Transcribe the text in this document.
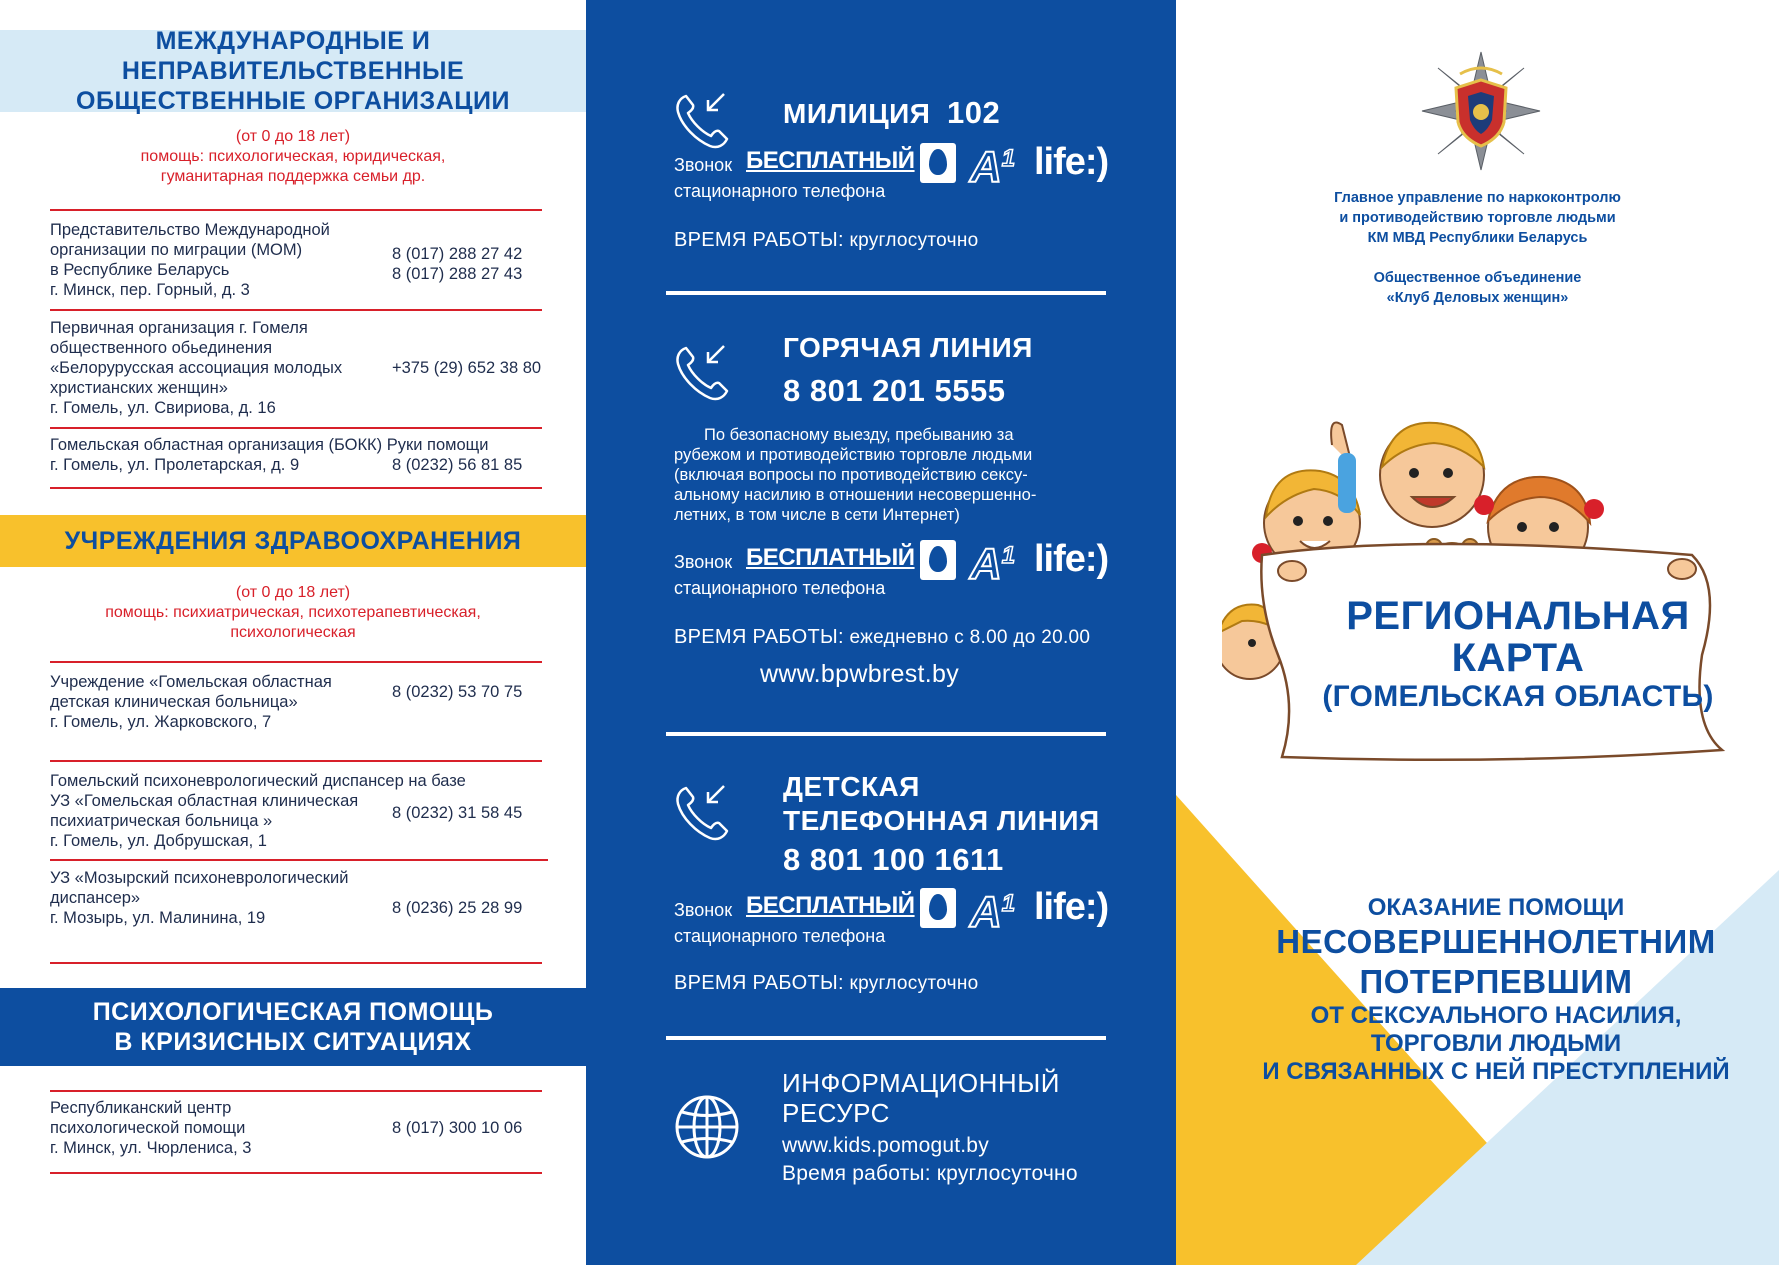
МЕЖДУНАРОДНЫЕ И НЕПРАВИТЕЛЬСТВЕННЫЕ
ОБЩЕСТВЕННЫЕ ОРГАНИЗАЦИИ
(от 0 до 18 лет)
помощь: психологическая, юридическая,
гуманитарная поддержка семьи др.
Представительство Международной
организации по миграции (МОМ)
в Республике Беларусь
г. Минск, пер. Горный, д. 3
8 (017) 288 27 42
8 (017) 288 27 43
Первичная организация г. Гомеля
общественного обьединения
«Белорурусская ассоциация молодых
христианских женщин»
г. Гомель, ул. Свириова, д. 16
+375 (29) 652 38 80
Гомельская областная организация (БОКК) Руки помощи
г. Гомель, ул. Пролетарская, д. 9	8 (0232) 56 81 85
УЧРЕЖДЕНИЯ ЗДРАВООХРАНЕНИЯ
(от 0 до 18 лет)
помощь: психиатрическая, психотерапевтическая,
психологическая
Учреждение «Гомельская областная
детская клиническая больница»
г. Гомель, ул. Жарковского, 7
8 (0232) 53 70 75
Гомельский психоневрологический диспансер на базе
УЗ «Гомельская областная клиническая
психиатрическая больница »
г. Гомель, ул. Добрушская, 1
8 (0232) 31 58 45
УЗ «Мозырский психоневрологический
диспансер»
г. Мозырь, ул. Малинина, 19
8 (0236) 25 28 99
ПСИХОЛОГИЧЕСКАЯ ПОМОЩЬ
В КРИЗИСНЫХ СИТУАЦИЯХ
Республиканский центр
психологической помощи
г. Минск, ул. Чюрлениса, 3
8 (017) 300 10 06
МИЛИЦИЯ 102
Звонок БЕСПЛАТНЫЙ
стационарного телефона $A^1$ life:)
ВРЕМЯ РАБОТЫ: круглосуточно
ГОРЯЧАЯ ЛИНИЯ
8 801 201 5555
По безопасному выезду, пребыванию за
рубежом и противодействию торговле людьми
(включая вопросы по противодействию сексу-
альному насилию в отношении несовершенно-
летних, в том числе в сети Интернет)
Звонок БЕСПЛАТНЫЙ
стационарного телефона $A^1$ life:)
ВРЕМЯ РАБОТЫ: ежедневно с 8.00 до 20.00
www.bpwbrest.by
ДЕТСКАЯ
ТЕЛЕФОННАЯ ЛИНИЯ
8 801 100 1611
Звонок БЕСПЛАТНЫЙ
стационарного телефона $A^1$ life:)
ВРЕМЯ РАБОТЫ: круглосуточно
ИНФОРМАЦИОННЫЙ
РЕСУРС
www.kids.pomogut.by
Время работы: круглосуточно
Главное управление по наркоконтролю
и противодействию торговле людьми
КМ МВД Республики Беларусь
Общественное объединение
«Клуб Деловых женщин»
РЕГИОНАЛЬНАЯ
КАРТА
(ГОМЕЛЬСКАЯ ОБЛАСТЬ)
ОКАЗАНИЕ ПОМОЩИ
НЕСОВЕРШЕННОЛЕТНИМ
ПОТЕРПЕВШИМ
ОТ СЕКСУАЛЬНОГО НАСИЛИЯ,
ТОРГОВЛИ ЛЮДЬМИ
И СВЯЗАННЫХ С НЕЙ ПРЕСТУПЛЕНИЙ
